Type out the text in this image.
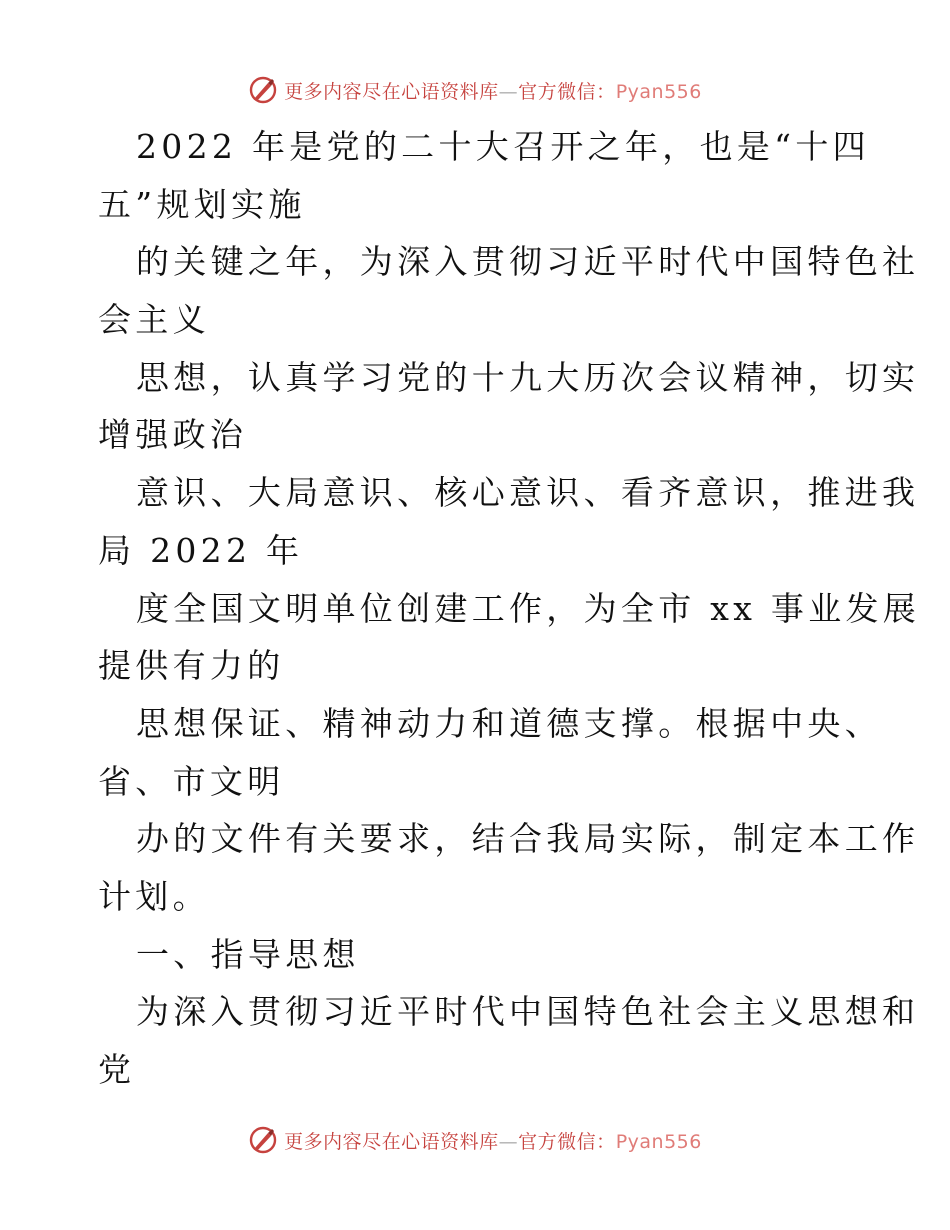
更多内容尽在心语资料库—官方微信：Pyan556
2022 年是党的二十大召开之年，也是“十四
五”规划实施
的关键之年，为深入贯彻习近平时代中国特色社
会主义
思想，认真学习党的十九大历次会议精神，切实
增强政治
意识、大局意识、核心意识、看齐意识，推进我
局 2022 年
度全国文明单位创建工作，为全市 xx 事业发展
提供有力的
思想保证、精神动力和道德支撑。根据中央、
省、市文明
办的文件有关要求，结合我局实际，制定本工作
计划。
一、指导思想
为深入贯彻习近平时代中国特色社会主义思想和
党
更多内容尽在心语资料库—官方微信：Pyan556
